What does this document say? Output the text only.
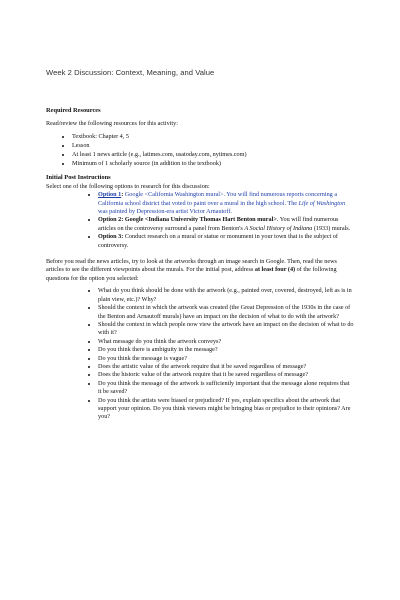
Week 2 Discussion: Context, Meaning, and Value
Required Resources

Read/review the following resources for this activity:

• Textbook: Chapter 4, 5
• Lesson
• At least 1 news article (e.g., latimes.com, usatoday.com, nytimes.com)
• Minimum of 1 scholarly source (in addition to the textbook)
Initial Post Instructions

Select one of the following options to research for this discussion:

• Option 1: Google <California Washington mural>. You will find numerous reports concerning a California school district that voted to paint over a mural in the high school. The Life of Washington was painted by Depression-era artist Victor Arnautoff.
• Option 2: Google <Indiana University Thomas Hart Benton mural>. You will find numerous articles on the controversy surround a panel from Benton's A Social History of Indiana (1933) murals.
• Option 3: Conduct research on a mural or statue or monument in your town that is the subject of controversy.

Before you read the news articles, try to look at the artworks through an image search in Google. Then, read the news articles to see the different viewpoints about the murals. For the initial post, address at least four (4) of the following questions for the option you selected:

• What do you think should be done with the artwork (e.g., painted over, covered, destroyed, left as is in plain view, etc.)? Why?
• Should the context in which the artwork was created (the Great Depression of the 1930s in the case of the Benton and Arnautoff murals) have an impact on the decision of what to do with the artwork?
• Should the context in which people now view the artwork have an impact on the decision of what to do with it?
• What message do you think the artwork conveys?
• Do you think there is ambiguity in the message?
• Do you think the message is vague?
• Does the artistic value of the artwork require that it be saved regardless of message?
• Does the historic value of the artwork require that it be saved regardless of message?
• Do you think the message of the artwork is sufficiently important that the message alone requires that it be saved?
• Do you think the artists were biased or prejudiced? If yes, explain specifics about the artwork that support your opinion. Do you think viewers might be bringing bias or prejudice to their opinions? Are you?
